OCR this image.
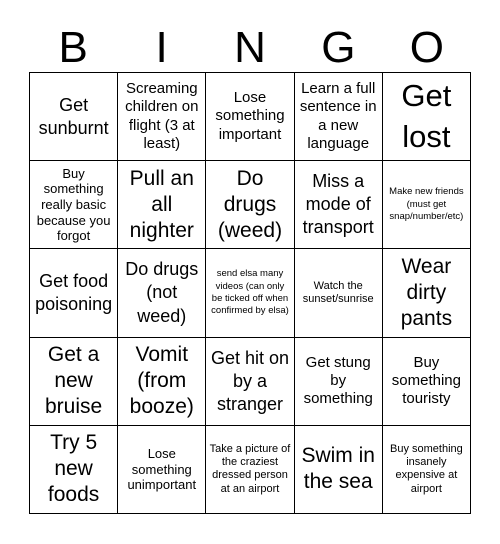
B	I	N	G	O
Get sunburnt
Screaming children on flight (3 at least)
Lose something important
Learn a full sentence in a new language
Get lost
Buy something really basic because you forgot
Pull an all nighter
Do drugs (weed)
Miss a mode of transport
Make new friends (must get snap/number/etc)
Get food poisoning
Do drugs (not weed)
send elsa many videos (can only be ticked off when confirmed by elsa)
Watch the sunset/sunrise
Wear dirty pants
Get a new bruise
Vomit (from booze)
Get hit on by a stranger
Get stung by something
Buy something touristy
Try 5 new foods
Lose something unimportant
Take a picture of the craziest dressed person at an airport
Swim in the sea
Buy something insanely expensive at airport
